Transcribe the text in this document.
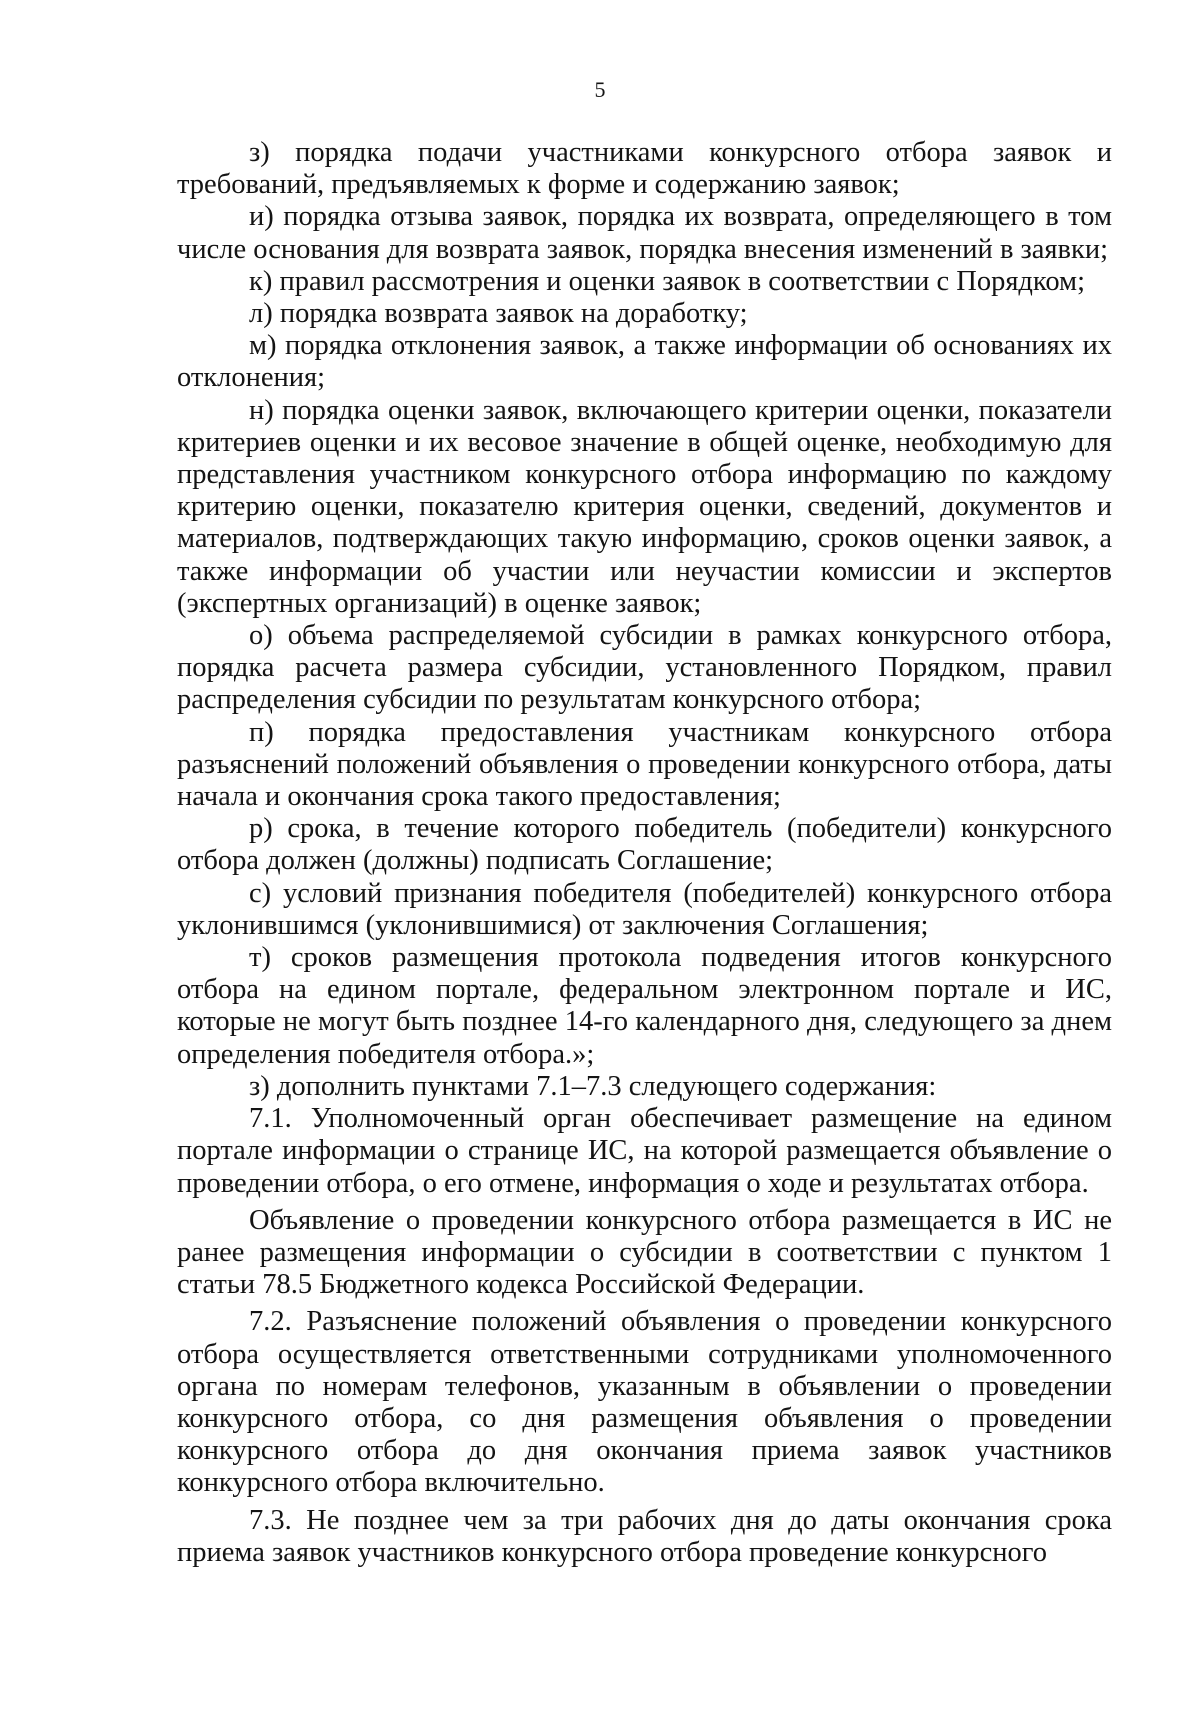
5

з) порядка подачи участниками конкурсного отбора заявок и требований, предъявляемых к форме и содержанию заявок;

и) порядка отзыва заявок, порядка их возврата, определяющего в том числе основания для возврата заявок, порядка внесения изменений в заявки;

к) правил рассмотрения и оценки заявок в соответствии с Порядком;

л) порядка возврата заявок на доработку;

м) порядка отклонения заявок, а также информации об основаниях их отклонения;

н) порядка оценки заявок, включающего критерии оценки, показатели критериев оценки и их весовое значение в общей оценке, необходимую для представления участником конкурсного отбора информацию по каждому критерию оценки, показателю критерия оценки, сведений, документов и материалов, подтверждающих такую информацию, сроков оценки заявок, а также информации об участии или неучастии комиссии и экспертов (экспертных организаций) в оценке заявок;

о) объема распределяемой субсидии в рамках конкурсного отбора, порядка расчета размера субсидии, установленного Порядком, правил распределения субсидии по результатам конкурсного отбора;

п) порядка предоставления участникам конкурсного отбора разъяснений положений объявления о проведении конкурсного отбора, даты начала и окончания срока такого предоставления;

р) срока, в течение которого победитель (победители) конкурсного отбора должен (должны) подписать Соглашение;

с) условий признания победителя (победителей) конкурсного отбора уклонившимся (уклонившимися) от заключения Соглашения;

т) сроков размещения протокола подведения итогов конкурсного отбора на едином портале, федеральном электронном портале и ИС, которые не могут быть позднее 14-го календарного дня, следующего за днем определения победителя отбора.»;

з) дополнить пунктами 7.1–7.3 следующего содержания:

7.1. Уполномоченный орган обеспечивает размещение на едином портале информации о странице ИС, на которой размещается объявление о проведении отбора, о его отмене, информация о ходе и результатах отбора.

Объявление о проведении конкурсного отбора размещается в ИС не ранее размещения информации о субсидии в соответствии с пунктом 1 статьи 78.5 Бюджетного кодекса Российской Федерации.

7.2. Разъяснение положений объявления о проведении конкурсного отбора осуществляется ответственными сотрудниками уполномоченного органа по номерам телефонов, указанным в объявлении о проведении конкурсного отбора, со дня размещения объявления о проведении конкурсного отбора до дня окончания приема заявок участников конкурсного отбора включительно.

7.3. Не позднее чем за три рабочих дня до даты окончания срока приема заявок участников конкурсного отбора проведение конкурсного
